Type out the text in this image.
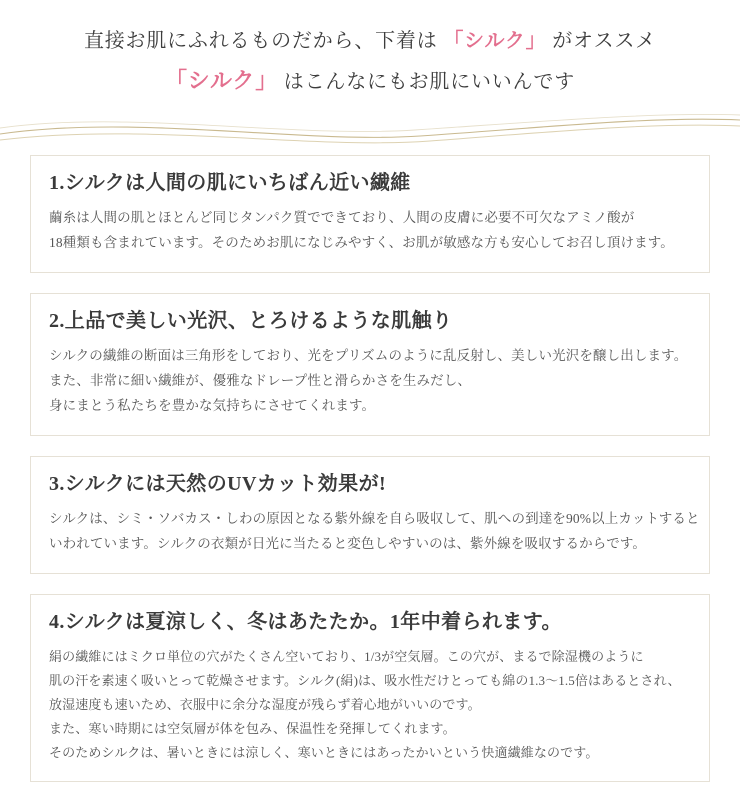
直接お肌にふれるものだから、下着は 「シルク」 がオススメ
「シルク」 はこんなにもお肌にいいんです
1.シルクは人間の肌にいちばん近い繊維
繭糸は人間の肌とほとんど同じタンパク質でできており、人間の皮膚に必要不可欠なアミノ酸が
18種類も含まれています。そのためお肌になじみやすく、お肌が敏感な方も安心してお召し頂けます。
2.上品で美しい光沢、とろけるような肌触り
シルクの繊維の断面は三角形をしており、光をプリズムのように乱反射し、美しい光沢を醸し出します。
また、非常に細い繊維が、優雅なドレープ性と滑らかさを生みだし、
身にまとう私たちを豊かな気持ちにさせてくれます。
3.シルクには天然のUVカット効果が!
シルクは、シミ・ソバカス・しわの原因となる紫外線を自ら吸収して、肌への到達を90%以上カットすると
いわれています。シルクの衣類が日光に当たると変色しやすいのは、紫外線を吸収するからです。
4.シルクは夏涼しく、冬はあたたか。1年中着られます。
絹の繊維にはミクロ単位の穴がたくさん空いており、1/3が空気層。この穴が、まるで除湿機のように
肌の汗を素速く吸いとって乾燥させます。シルク(絹)は、吸水性だけとっても綿の1.3〜1.5倍はあるとされ、
放湿速度も速いため、衣服中に余分な湿度が残らず着心地がいいのです。
また、寒い時期には空気層が体を包み、保温性を発揮してくれます。
そのためシルクは、暑いときには涼しく、寒いときにはあったかいという快適繊維なのです。
